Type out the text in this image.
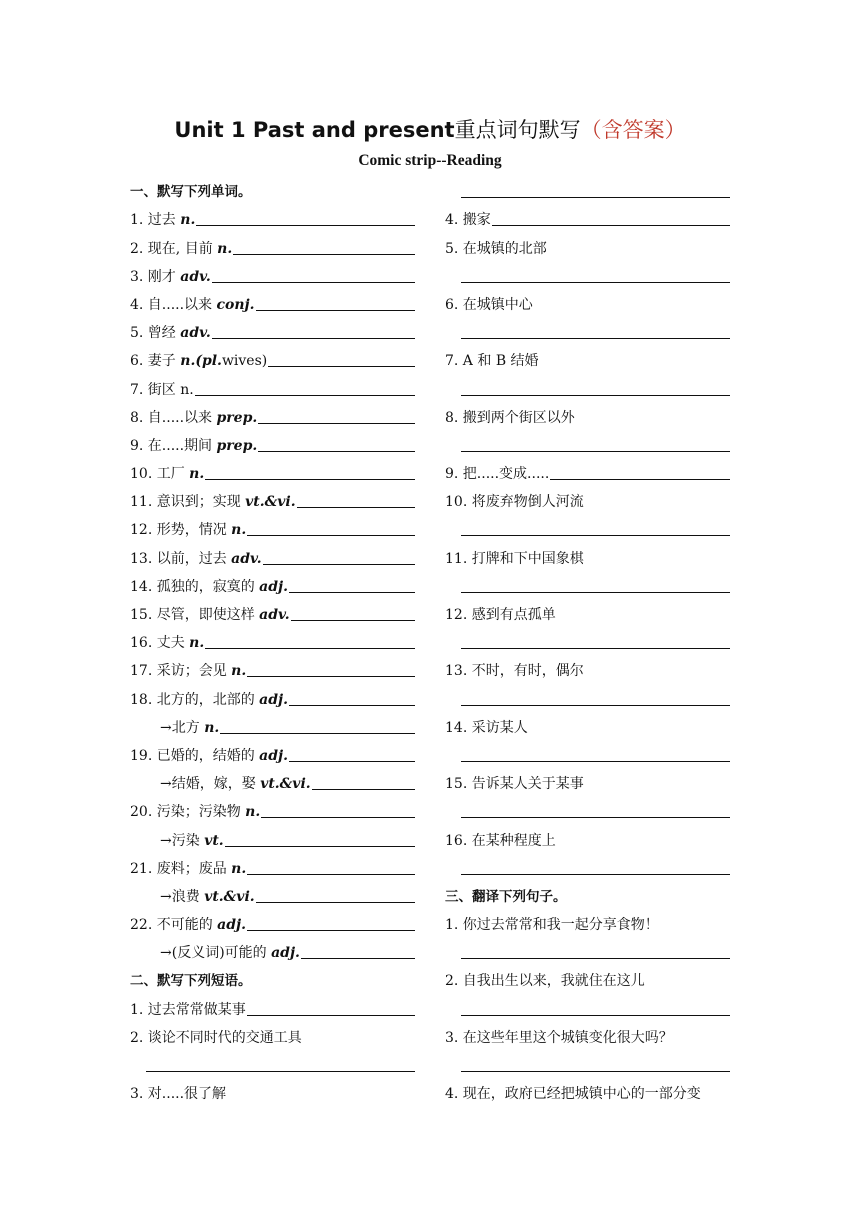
Unit 1 Past and present重点词句默写（含答案）
Comic strip--Reading
一、默写下列单词。
1. 过去 n.
2. 现在, 目前 n.
3. 刚才 adv.
4. 自.....以来 conj.
5. 曾经 adv.
6. 妻子 n.(pl.wives)
7. 街区 n.
8. 自.....以来 prep.
9. 在.....期间 prep.
10. 工厂 n.
11. 意识到；实现 vt.&vi.
12. 形势，情况 n.
13. 以前，过去 adv.
14. 孤独的，寂寞的 adj.
15. 尽管，即使这样 adv.
16. 丈夫 n.
17. 采访；会见 n.
18. 北方的，北部的 adj.
→北方 n.
19. 已婚的，结婚的 adj.
→结婚，嫁，娶 vt.&vi.
20. 污染；污染物 n.
→污染 vt.
21. 废料；废品 n.
→浪费 vt.&vi.
22. 不可能的 adj.
→(反义词)可能的 adj.
二、默写下列短语。
1. 过去常常做某事
2. 谈论不同时代的交通工具
3. 对.....很了解
4. 搬家
5. 在城镇的北部
6. 在城镇中心
7. A 和 B 结婚
8. 搬到两个街区以外
9. 把.....变成.....
10. 将废弃物倒人河流
11. 打牌和下中国象棋
12. 感到有点孤单
13. 不时，有时，偶尔
14. 采访某人
15. 告诉某人关于某事
16. 在某种程度上
三、翻译下列句子。
1. 你过去常常和我一起分享食物！
2. 自我出生以来，我就住在这儿
3. 在这些年里这个城镇变化很大吗？
4. 现在，政府已经把城镇中心的一部分变
